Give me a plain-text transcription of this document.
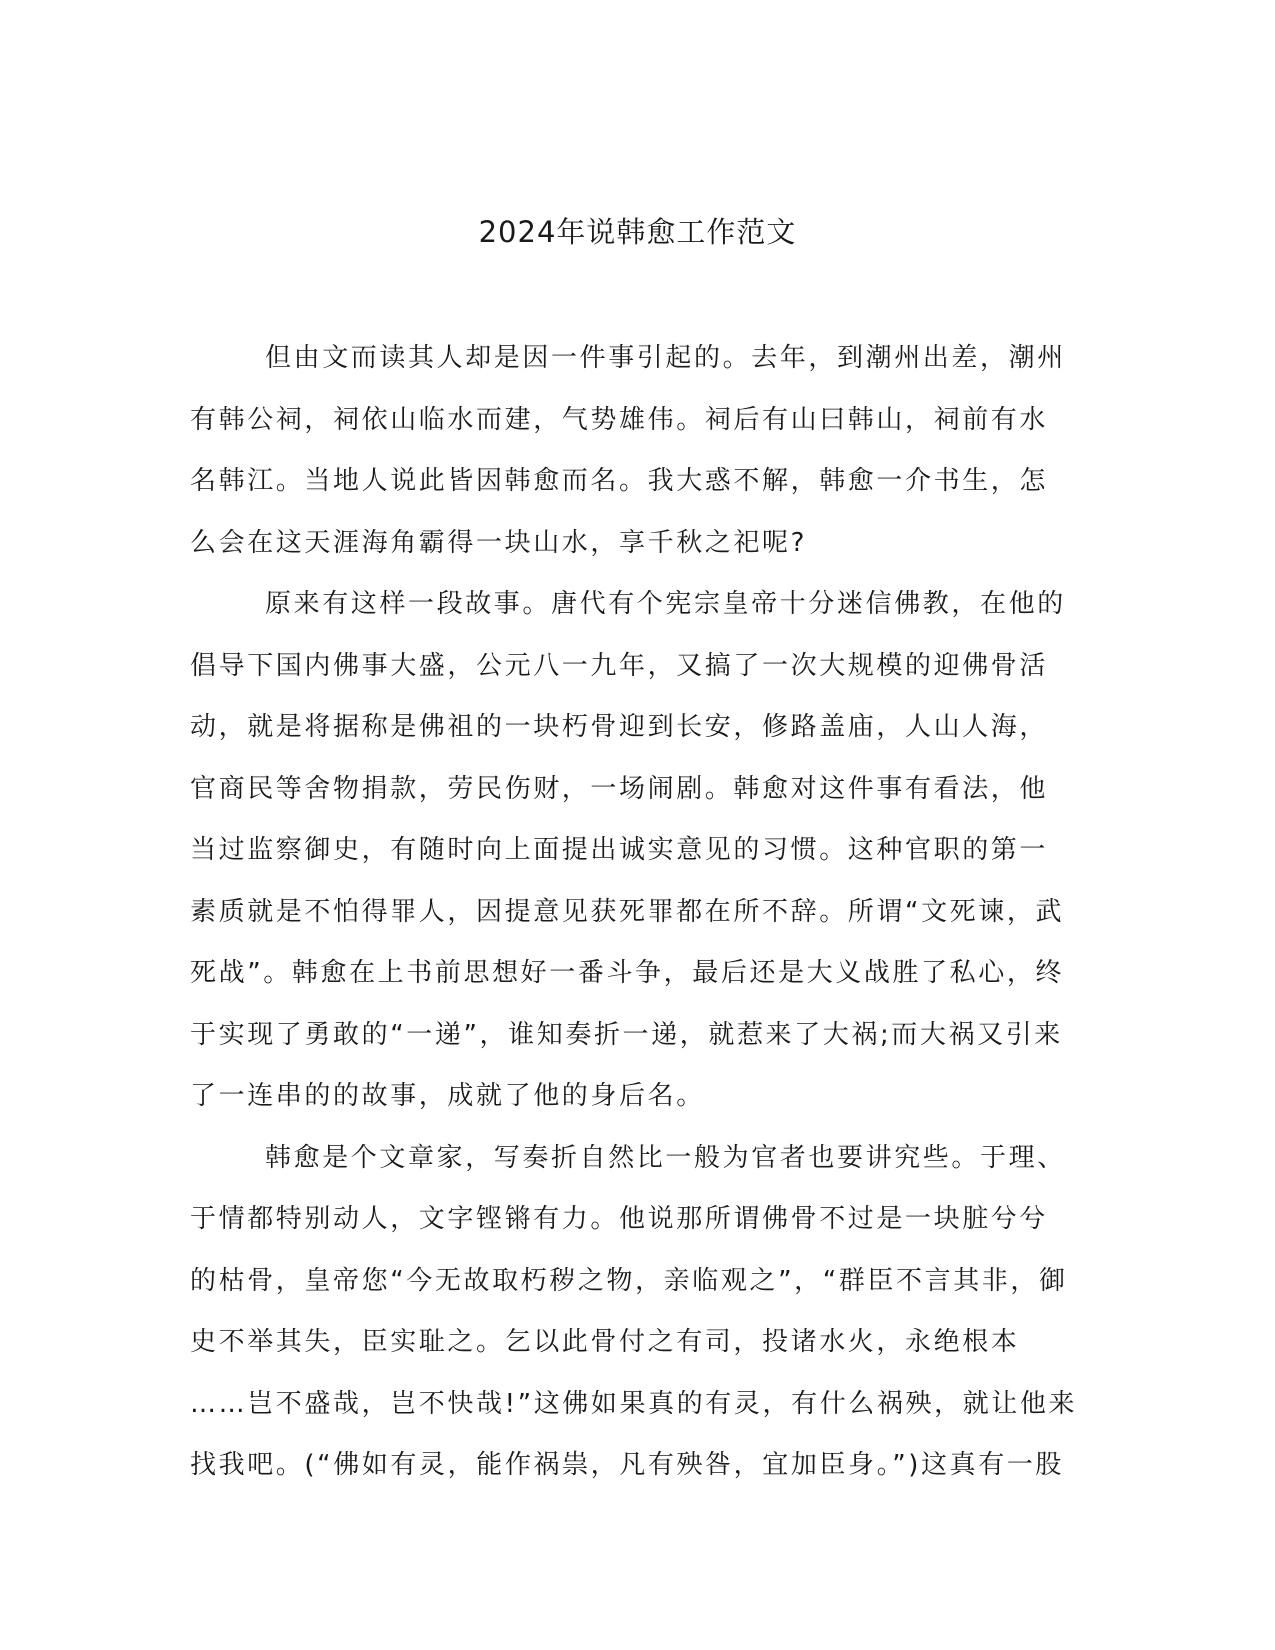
2024年说韩愈工作范文
但由文而读其人却是因一件事引起的。去年，到潮州出差，潮州
有韩公祠，祠依山临水而建，气势雄伟。祠后有山曰韩山，祠前有水
名韩江。当地人说此皆因韩愈而名。我大惑不解，韩愈一介书生，怎
么会在这天涯海角霸得一块山水，享千秋之祀呢?
原来有这样一段故事。唐代有个宪宗皇帝十分迷信佛教，在他的
倡导下国内佛事大盛，公元八一九年，又搞了一次大规模的迎佛骨活
动，就是将据称是佛祖的一块朽骨迎到长安，修路盖庙，人山人海，
官商民等舍物捐款，劳民伤财，一场闹剧。韩愈对这件事有看法，他
当过监察御史，有随时向上面提出诚实意见的习惯。这种官职的第一
素质就是不怕得罪人，因提意见获死罪都在所不辞。所谓“文死谏，武
死战”。韩愈在上书前思想好一番斗争，最后还是大义战胜了私心，终
于实现了勇敢的“一递”，谁知奏折一递，就惹来了大祸;而大祸又引来
了一连串的的故事，成就了他的身后名。
韩愈是个文章家，写奏折自然比一般为官者也要讲究些。于理、
于情都特别动人，文字铿锵有力。他说那所谓佛骨不过是一块脏兮兮
的枯骨，皇帝您“今无故取朽秽之物，亲临观之”，“群臣不言其非，御
史不举其失，臣实耻之。乞以此骨付之有司，投诸水火，永绝根本
……岂不盛哉，岂不快哉!”这佛如果真的有灵，有什么祸殃，就让他来
找我吧。(“佛如有灵，能作祸祟，凡有殃咎，宜加臣身。”)这真有一股
